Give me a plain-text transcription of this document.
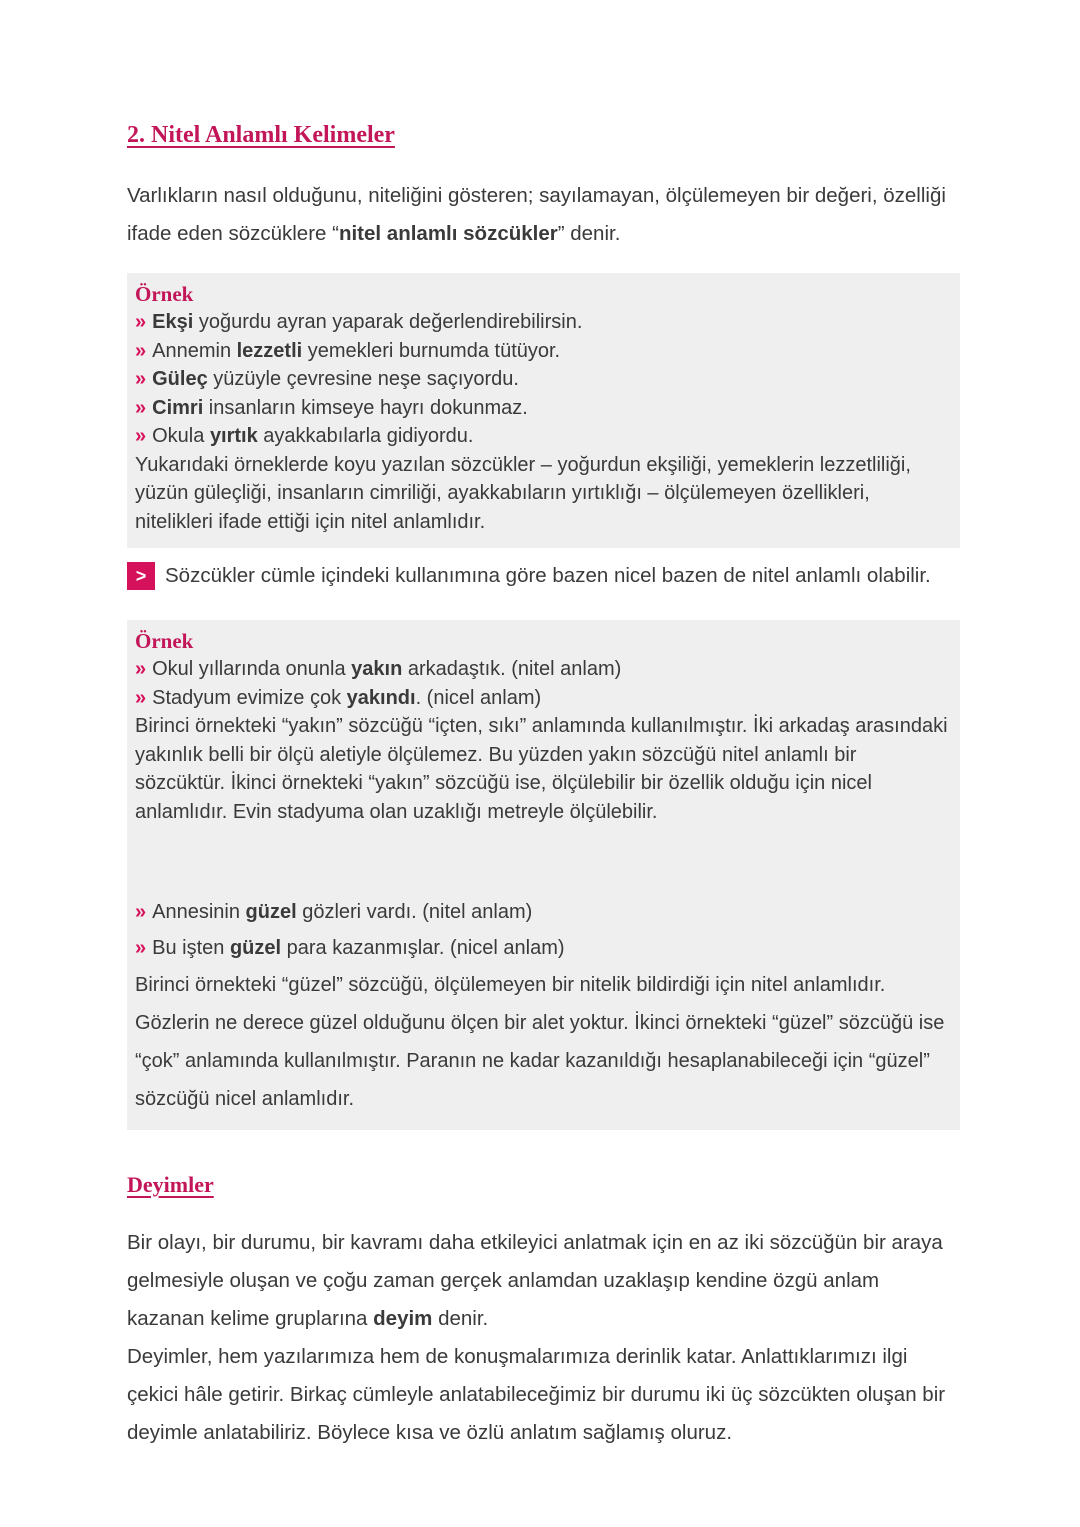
2. Nitel Anlamlı Kelimeler

Varlıkların nasıl olduğunu, niteliğini gösteren; sayılamayan, ölçülemeyen bir değeri, özelliği ifade eden sözcüklere “nitel anlamlı sözcükler” denir.

Örnek
» Ekşi yoğurdu ayran yaparak değerlendirebilirsin.
» Annemin lezzetli yemekleri burnumda tütüyor.
» Güleç yüzüyle çevresine neşe saçıyordu.
» Cimri insanların kimseye hayrı dokunmaz.
» Okula yırtık ayakkabılarla gidiyordu.

Yukarıdaki örneklerde koyu yazılan sözcükler – yoğurdun ekşiliği, yemeklerin lezzetliliği, yüzün güleçliği, insanların cimriliği, ayakkabıların yırtıklığı – ölçülemeyen özellikleri, nitelikleri ifade ettiği için nitel anlamlıdır.

> Sözcükler cümle içindeki kullanımına göre bazen nicel bazen de nitel anlamlı olabilir.
Örnek
» Okul yıllarında onunla yakın arkadaştık. (nitel anlam)
» Stadyum evimize çok yakındı. (nicel anlam)

Birinci örnekteki “yakın” sözcüğü “içten, sıkı” anlamında kullanılmıştır. İki arkadaş arasındaki yakınlık belli bir ölçü aletiyle ölçülemez. Bu yüzden yakın sözcüğü nitel anlamlı bir sözcüktür. İkinci örnekteki “yakın” sözcüğü ise, ölçülebilir bir özellik olduğu için nicel anlamlıdır. Evin stadyuma olan uzaklığı metreyle ölçülebilir.

» Annesinin güzel gözleri vardı. (nitel anlam)
» Bu işten güzel para kazanmışlar. (nicel anlam)

Birinci örnekteki “güzel” sözcüğü, ölçülemeyen bir nitelik bildirdiği için nitel anlamlıdır. Gözlerin ne derece güzel olduğunu ölçen bir alet yoktur. İkinci örnekteki “güzel” sözcüğü ise “çok” anlamında kullanılmıştır. Paranın ne kadar kazanıldığı hesaplanabileceği için “güzel” sözcüğü nicel anlamlıdır.

Deyimler

Bir olayı, bir durumu, bir kavramı daha etkileyici anlatmak için en az iki sözcüğün bir araya gelmesiyle oluşan ve çoğu zaman gerçek anlamdan uzaklaşıp kendine özgü anlam kazanan kelime gruplarına deyim denir.

Deyimler, hem yazılarımıza hem de konuşmalarımıza derinlik katar. Anlattıklarımızı ilgi çekici hâle getirir. Birkaç cümleyle anlatabileceğimiz bir durumu iki üç sözcükten oluşan bir deyimle anlatabiliriz. Böylece kısa ve özlü anlatım sağlamış oluruz.
